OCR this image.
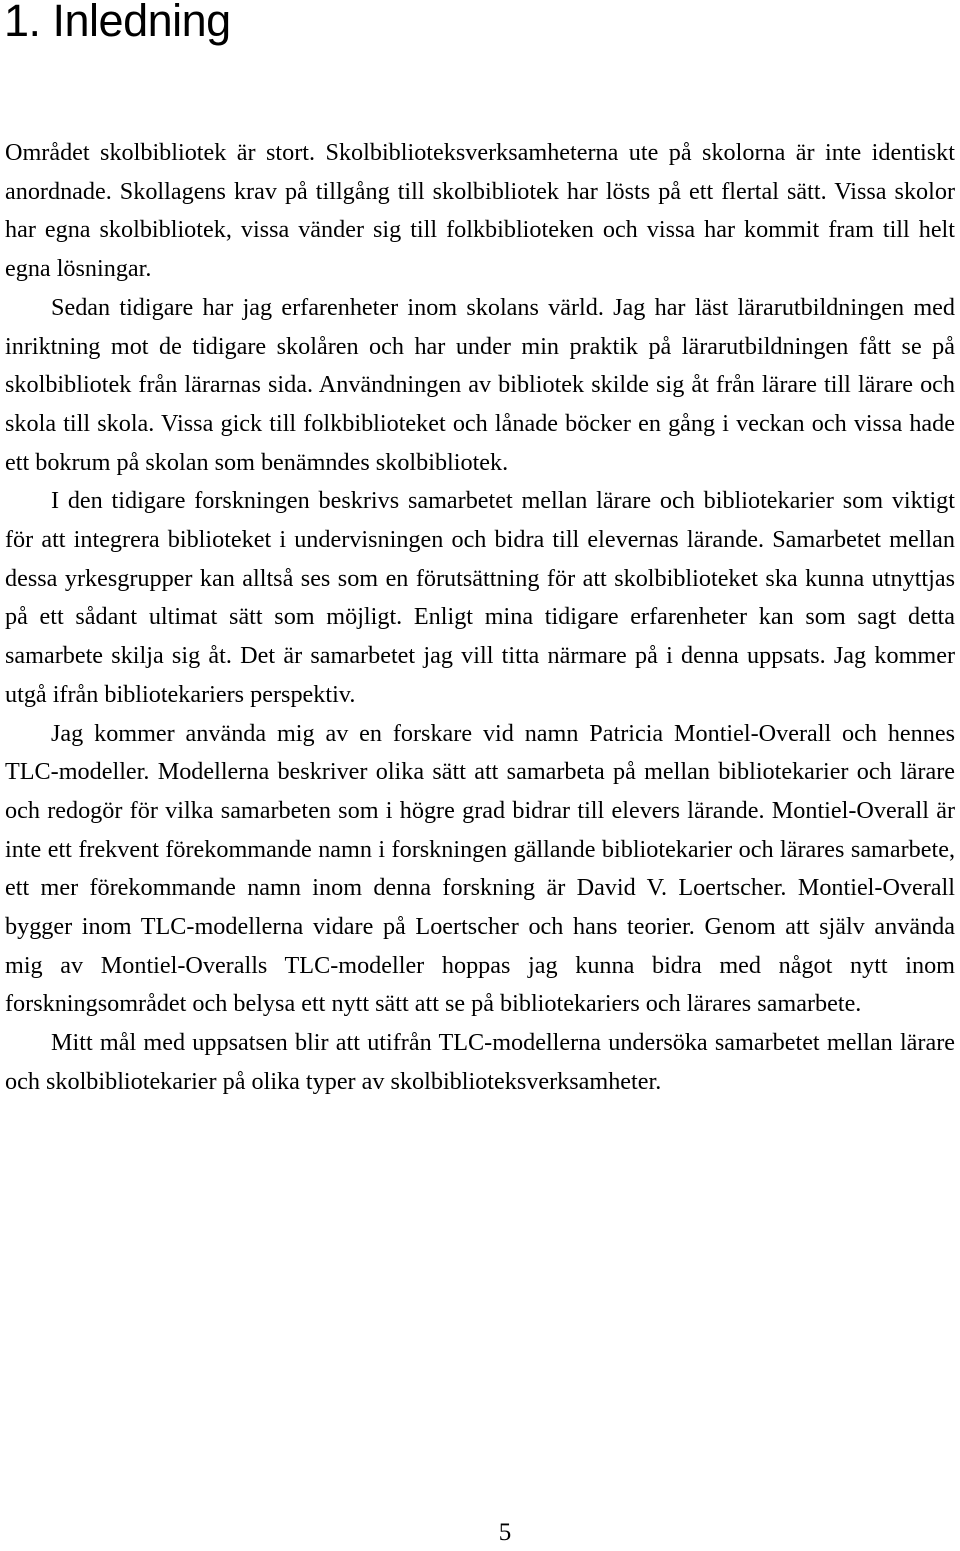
1. Inledning

Området skolbibliotek är stort. Skolbiblioteksverksamheterna ute på skolorna är inte identiskt anordnade. Skollagens krav på tillgång till skolbibliotek har lösts på ett flertal sätt. Vissa skolor har egna skolbibliotek, vissa vänder sig till folkbiblioteken och vissa har kommit fram till helt egna lösningar.

Sedan tidigare har jag erfarenheter inom skolans värld. Jag har läst lärarutbildningen med inriktning mot de tidigare skolåren och har under min praktik på lärarutbildningen fått se på skolbibliotek från lärarnas sida. Användningen av bibliotek skilde sig åt från lärare till lärare och skola till skola. Vissa gick till folkbiblioteket och lånade böcker en gång i veckan och vissa hade ett bokrum på skolan som benämndes skolbibliotek.

I den tidigare forskningen beskrivs samarbetet mellan lärare och bibliotekarier som viktigt för att integrera biblioteket i undervisningen och bidra till elevernas lärande. Samarbetet mellan dessa yrkesgrupper kan alltså ses som en förutsättning för att skolbiblioteket ska kunna utnyttjas på ett sådant ultimat sätt som möjligt. Enligt mina tidigare erfarenheter kan som sagt detta samarbete skilja sig åt. Det är samarbetet jag vill titta närmare på i denna uppsats. Jag kommer utgå ifrån bibliotekariers perspektiv.

Jag kommer använda mig av en forskare vid namn Patricia Montiel-Overall och hennes TLC-modeller. Modellerna beskriver olika sätt att samarbeta på mellan bibliotekarier och lärare och redogör för vilka samarbeten som i högre grad bidrar till elevers lärande. Montiel-Overall är inte ett frekvent förekommande namn i forskningen gällande bibliotekarier och lärares samarbete, ett mer förekommande namn inom denna forskning är David V. Loertscher. Montiel-Overall bygger inom TLC-modellerna vidare på Loertscher och hans teorier. Genom att själv använda mig av Montiel-Overalls TLC-modeller hoppas jag kunna bidra med något nytt inom forskningsområdet och belysa ett nytt sätt att se på bibliotekariers och lärares samarbete.

Mitt mål med uppsatsen blir att utifrån TLC-modellerna undersöka samarbetet mellan lärare och skolbibliotekarier på olika typer av skolbiblioteksverksamheter.

5
